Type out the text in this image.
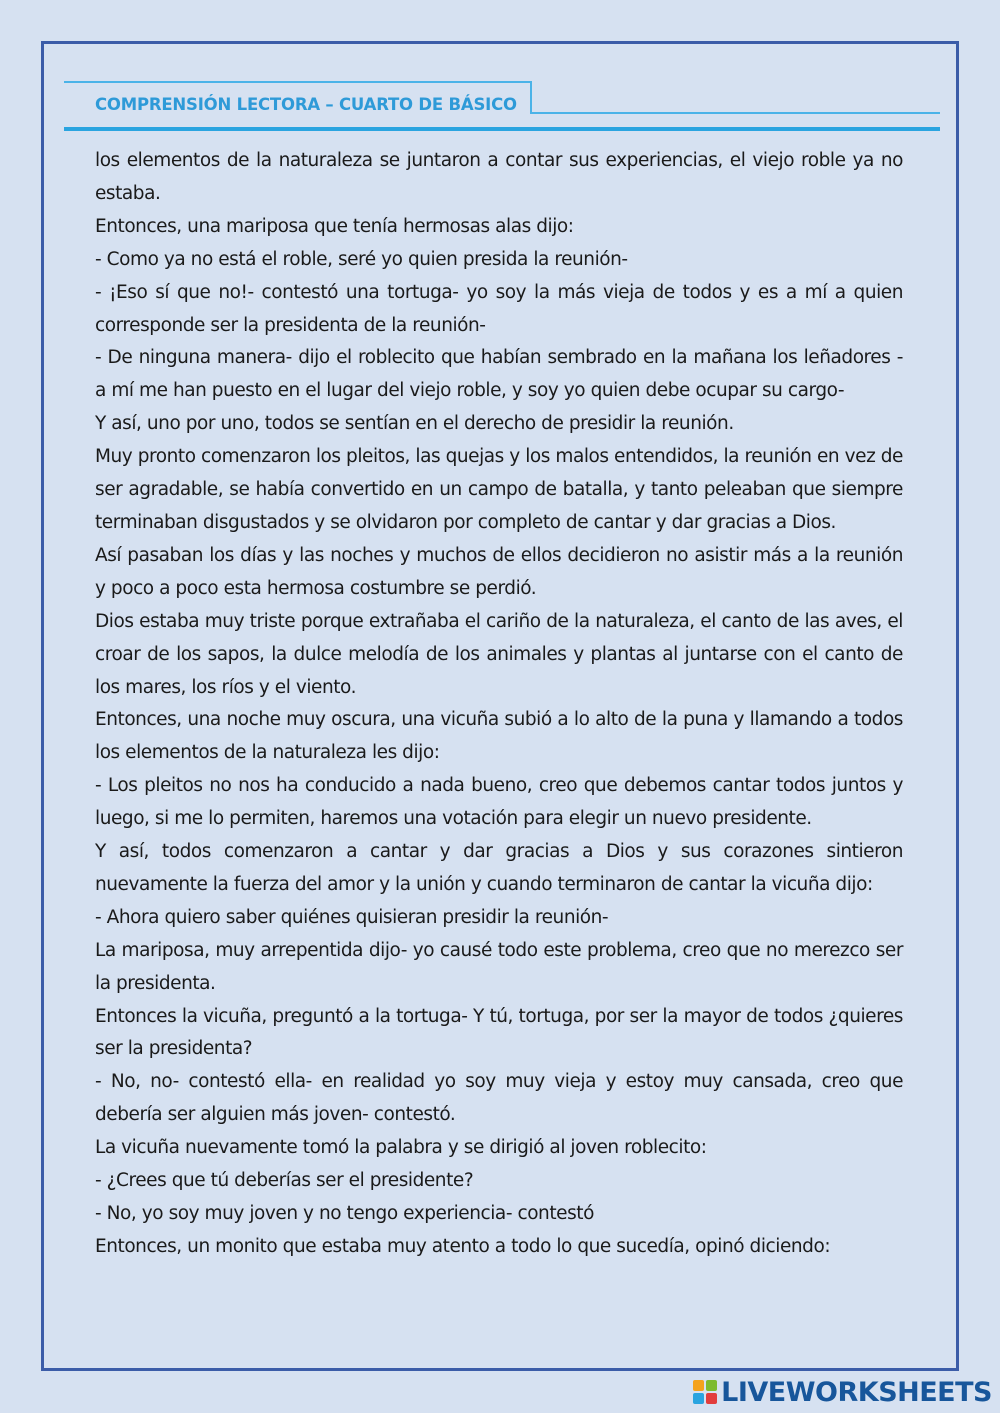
COMPRENSIÓN LECTORA – CUARTO DE BÁSICO

los elementos de la naturaleza se juntaron a contar sus experiencias, el viejo roble ya no estaba.

Entonces, una mariposa que tenía hermosas alas dijo:

- Como ya no está el roble, seré yo quien presida la reunión-

- ¡Eso sí que no!- contestó una tortuga- yo soy la más vieja de todos y es a mí a quien corresponde ser la presidenta de la reunión-

- De ninguna manera- dijo el roblecito que habían sembrado en la mañana los leñadores - a mí me han puesto en el lugar del viejo roble, y soy yo quien debe ocupar su cargo-

Y así, uno por uno, todos se sentían en el derecho de presidir la reunión.

Muy pronto comenzaron los pleitos, las quejas y los malos entendidos, la reunión en vez de ser agradable, se había convertido en un campo de batalla, y tanto peleaban que siempre terminaban disgustados y se olvidaron por completo de cantar y dar gracias a Dios.

Así pasaban los días y las noches y muchos de ellos decidieron no asistir más a la reunión y poco a poco esta hermosa costumbre se perdió.

Dios estaba muy triste porque extrañaba el cariño de la naturaleza, el canto de las aves, el croar de los sapos, la dulce melodía de los animales y plantas al juntarse con el canto de los mares, los ríos y el viento.

Entonces, una noche muy oscura, una vicuña subió a lo alto de la puna y llamando a todos los elementos de la naturaleza les dijo:

- Los pleitos no nos ha conducido a nada bueno, creo que debemos cantar todos juntos y luego, si me lo permiten, haremos una votación para elegir un nuevo presidente.

Y así, todos comenzaron a cantar y dar gracias a Dios y sus corazones sintieron nuevamente la fuerza del amor y la unión y cuando terminaron de cantar la vicuña dijo:

- Ahora quiero saber quiénes quisieran presidir la reunión-

La mariposa, muy arrepentida dijo- yo causé todo este problema, creo que no merezco ser la presidenta.

Entonces la vicuña, preguntó a la tortuga- Y tú, tortuga, por ser la mayor de todos ¿quieres ser la presidenta?

- No, no- contestó ella- en realidad yo soy muy vieja y estoy muy cansada, creo que debería ser alguien más joven- contestó.

La vicuña nuevamente tomó la palabra y se dirigió al joven roblecito:

- ¿Crees que tú deberías ser el presidente?

- No, yo soy muy joven y no tengo experiencia- contestó

Entonces, un monito que estaba muy atento a todo lo que sucedía, opinó diciendo:

LIVEWORKSHEETS
